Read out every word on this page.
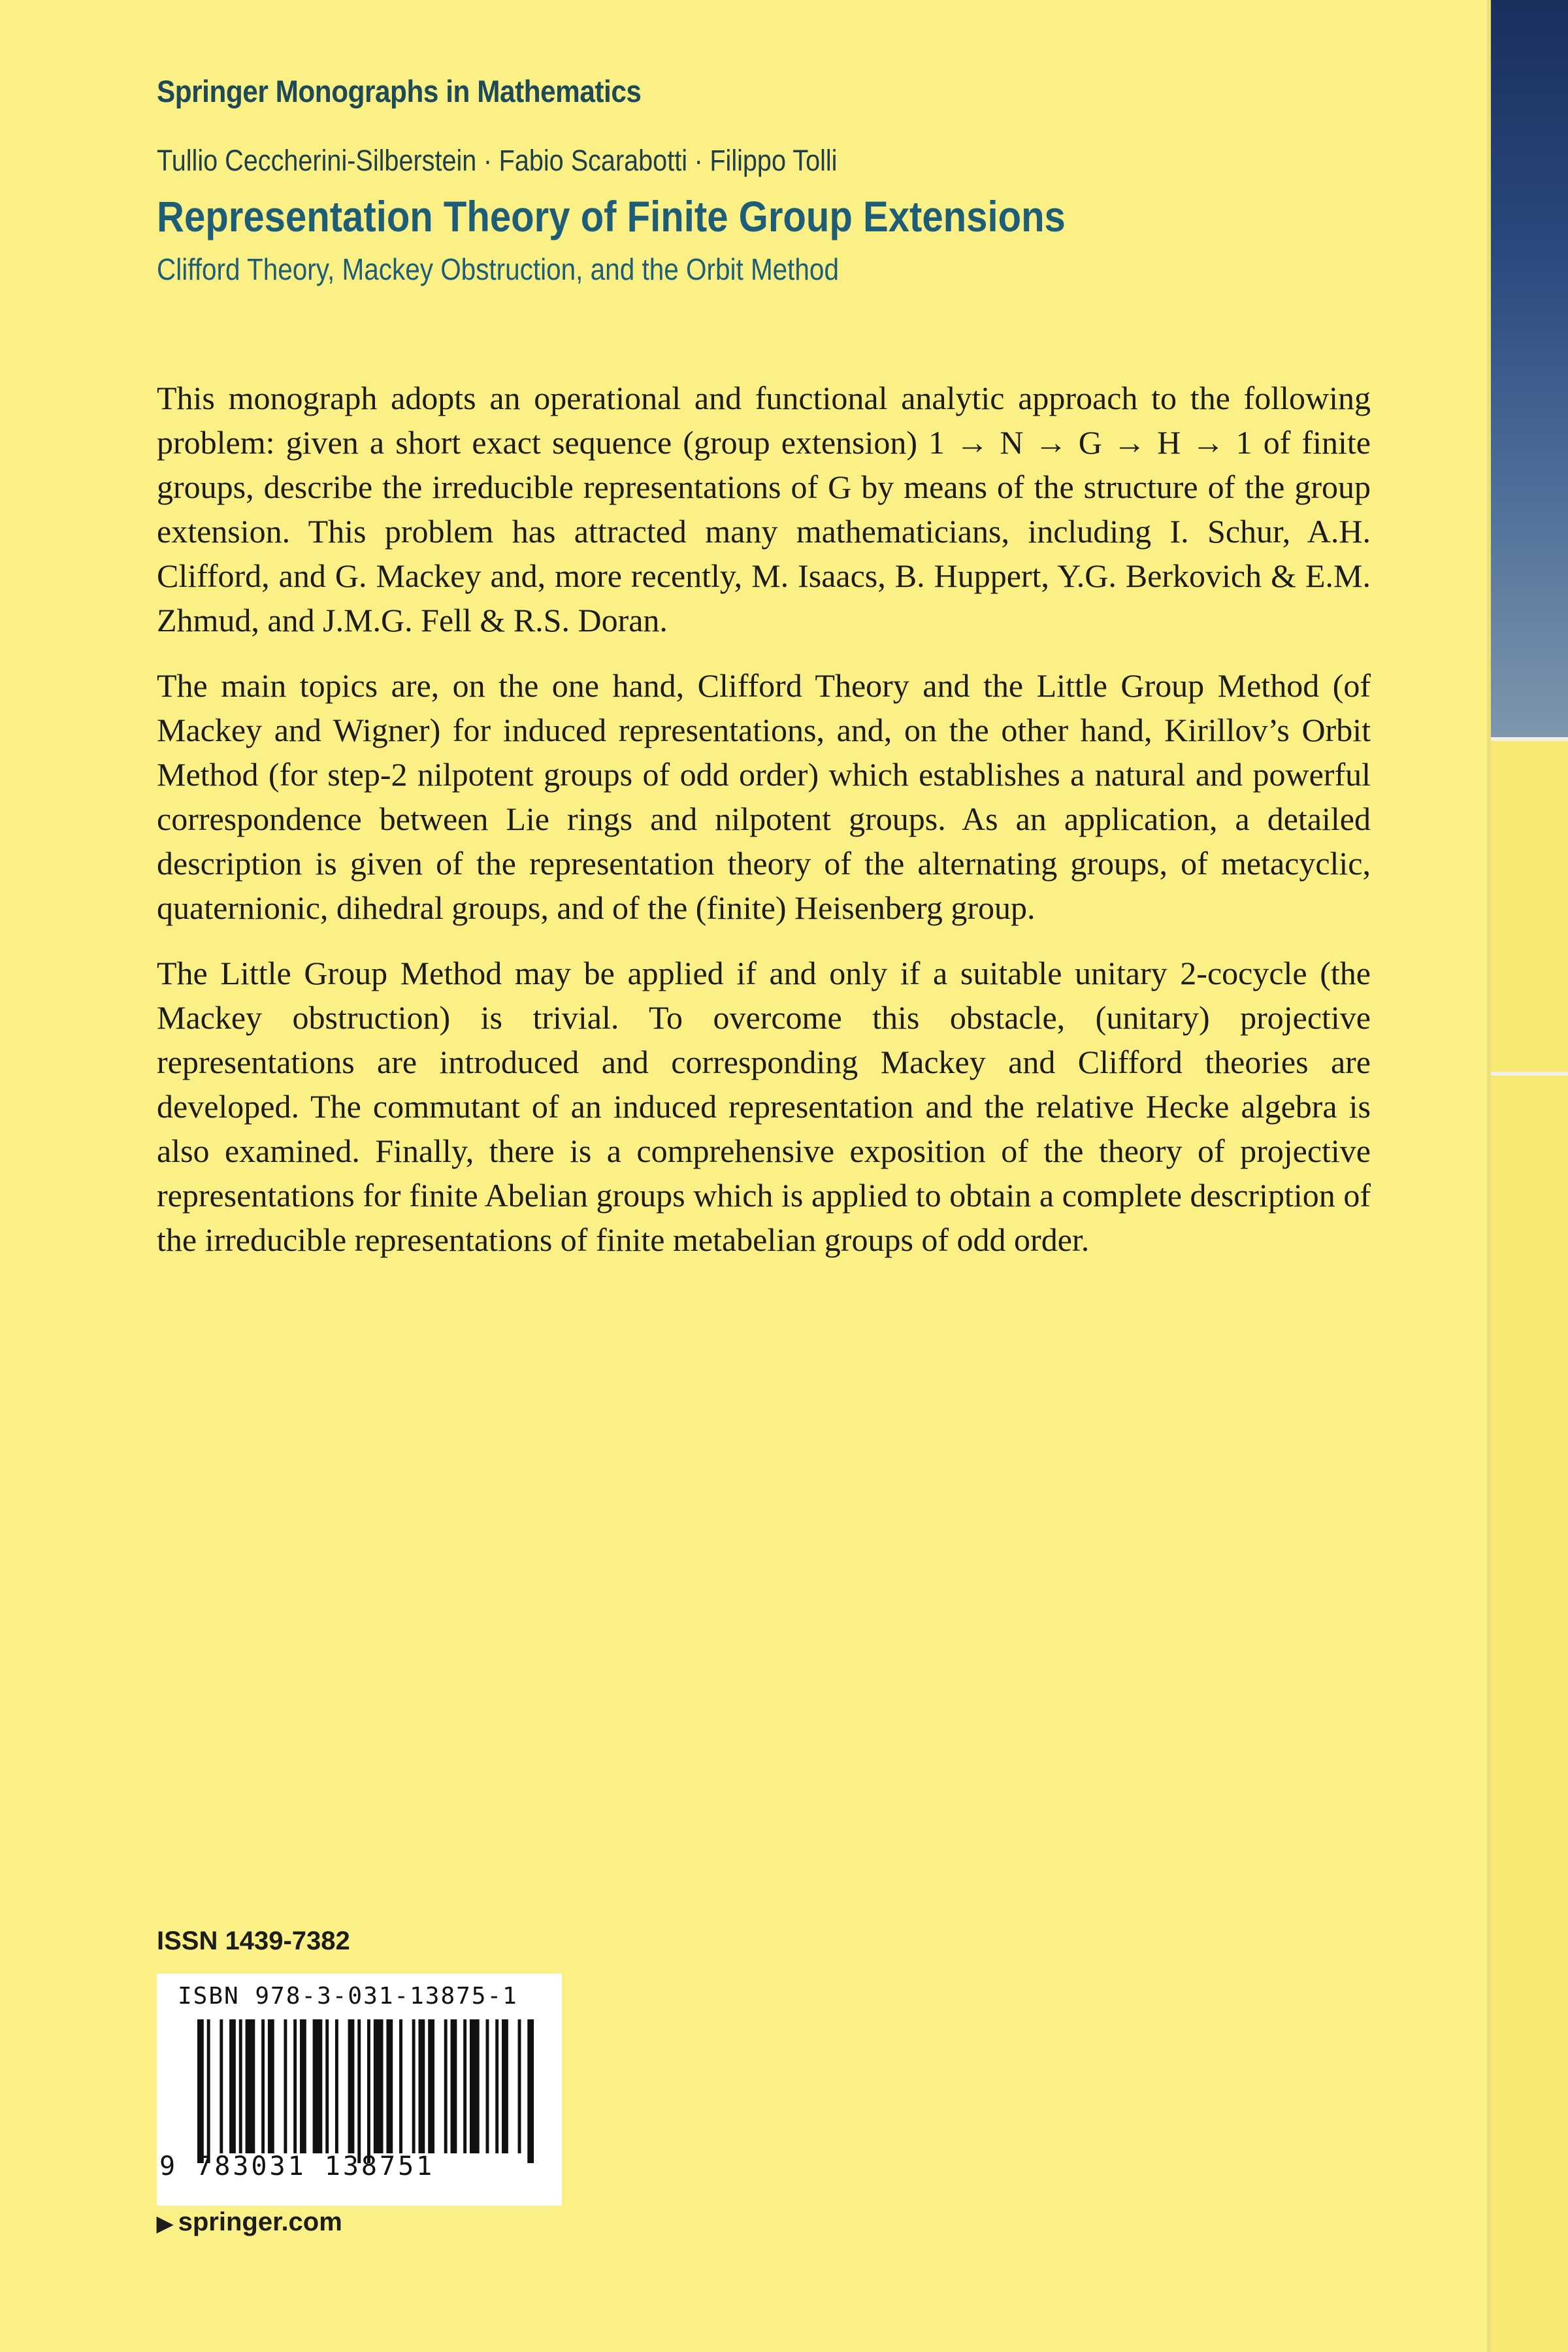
Springer Monographs in Mathematics
Tullio Ceccherini-Silberstein · Fabio Scarabotti · Filippo Tolli
Representation Theory of Finite Group Extensions
Clifford Theory, Mackey Obstruction, and the Orbit Method

This monograph adopts an operational and functional analytic approach to the following problem: given a short exact sequence (group extension) 1 → N → G → H → 1 of finite groups, describe the irreducible representations of G by means of the structure of the group extension. This problem has attracted many mathematicians, including I. Schur, A.H. Clifford, and G. Mackey and, more recently, M. Isaacs, B. Huppert, Y.G. Berkovich & E.M. Zhmud, and J.M.G. Fell & R.S. Doran.

The main topics are, on the one hand, Clifford Theory and the Little Group Method (of Mackey and Wigner) for induced representations, and, on the other hand, Kirillov’s Orbit Method (for step-2 nilpotent groups of odd order) which establishes a natural and powerful correspondence between Lie rings and nilpotent groups. As an application, a detailed description is given of the representation theory of the alternating groups, of metacyclic, quaternionic, dihedral groups, and of the (finite) Heisenberg group.

The Little Group Method may be applied if and only if a suitable unitary 2-cocycle (the Mackey obstruction) is trivial. To overcome this obstacle, (unitary) projective representations are introduced and corresponding Mackey and Clifford theories are developed. The commutant of an induced representation and the relative Hecke algebra is also examined. Finally, there is a comprehensive exposition of the theory of projective representations for finite Abelian groups which is applied to obtain a complete description of the irreducible representations of finite metabelian groups of odd order.

ISSN 1439-7382
ISBN 978-3-031-13875-1
9 783031 138751
▶ springer.com
